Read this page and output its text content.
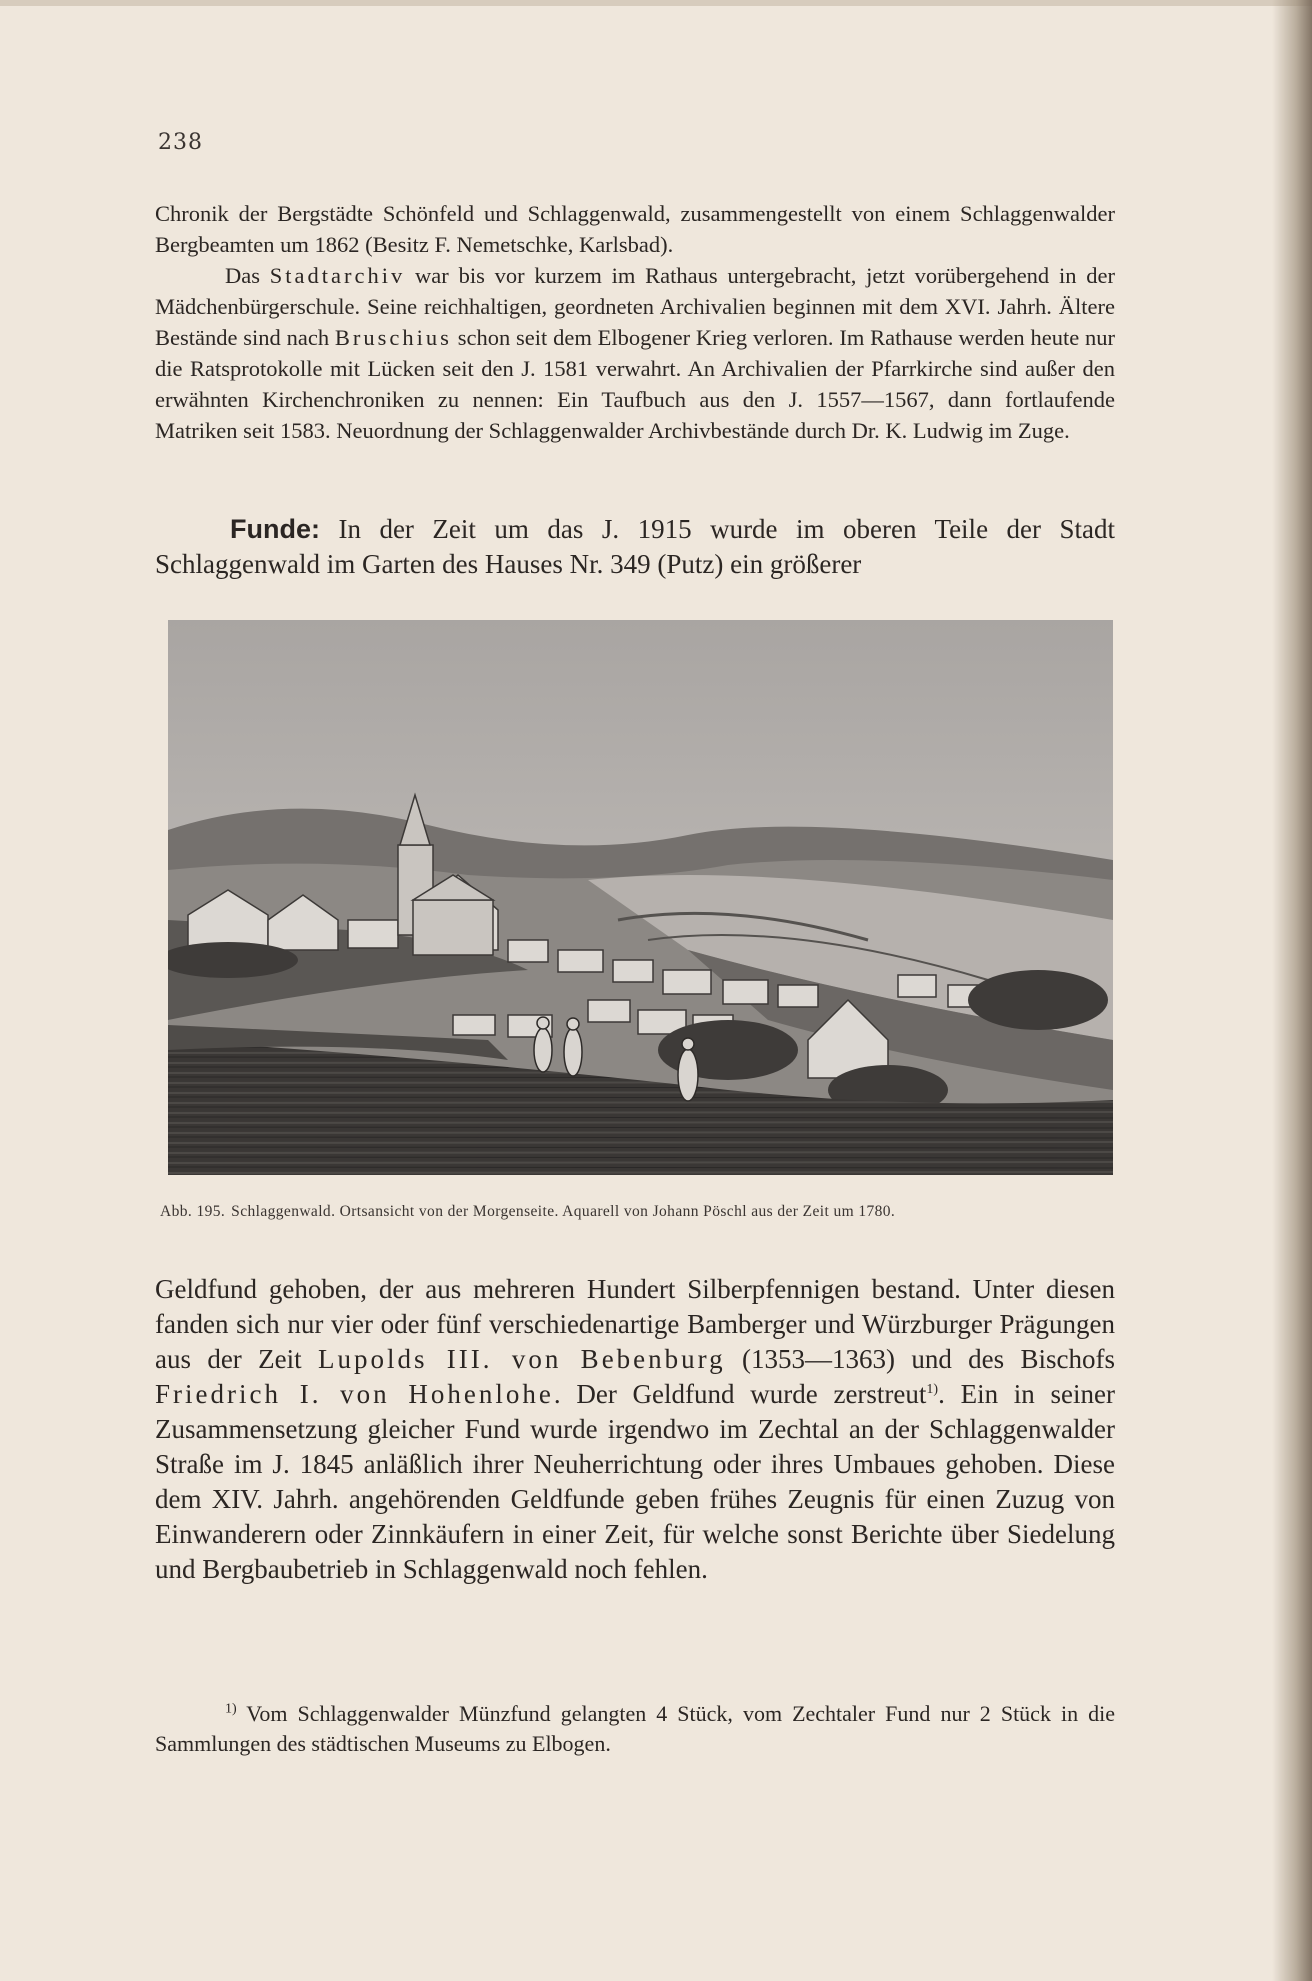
238

Chronik der Bergstädte Schönfeld und Schlaggenwald, zusammengestellt von einem Schlaggenwalder Bergbeamten um 1862 (Besitz F. Nemetschke, Karlsbad).

Das Stadtarchiv war bis vor kurzem im Rathaus untergebracht, jetzt vorübergehend in der Mädchenbürgerschule. Seine reichhaltigen, geordneten Archivalien beginnen mit dem XVI. Jahrh. Ältere Bestände sind nach Bruschius schon seit dem Elbogener Krieg verloren. Im Rathause werden heute nur die Ratsprotokolle mit Lücken seit den J. 1581 verwahrt. An Archivalien der Pfarrkirche sind außer den erwähnten Kirchenchroniken zu nennen: Ein Taufbuch aus den J. 1557—1567, dann fortlaufende Matriken seit 1583. Neuordnung der Schlaggenwalder Archivbestände durch Dr. K. Ludwig im Zuge.

Funde: In der Zeit um das J. 1915 wurde im oberen Teile der Stadt Schlaggenwald im Garten des Hauses Nr. 349 (Putz) ein größerer

Abb. 195. Schlaggenwald. Ortsansicht von der Morgenseite. Aquarell von Johann Pöschl aus der Zeit um 1780.

Geldfund gehoben, der aus mehreren Hundert Silberpfennigen bestand. Unter diesen fanden sich nur vier oder fünf verschiedenartige Bamberger und Würzburger Prägungen aus der Zeit Lupolds III. von Bebenburg (1353—1363) und des Bischofs Friedrich I. von Hohenlohe. Der Geldfund wurde zerstreut$^{1)}$. Ein in seiner Zusammensetzung gleicher Fund wurde irgendwo im Zechtal an der Schlaggenwalder Straße im J. 1845 anläßlich ihrer Neuherrichtung oder ihres Umbaues gehoben. Diese dem XIV. Jahrh. angehörenden Geldfunde geben frühes Zeugnis für einen Zuzug von Einwanderern oder Zinnkäufern in einer Zeit, für welche sonst Berichte über Siedelung und Bergbaubetrieb in Schlaggenwald noch fehlen.

$^{1)}$ Vom Schlaggenwalder Münzfund gelangten 4 Stück, vom Zechtaler Fund nur 2 Stück in die Sammlungen des städtischen Museums zu Elbogen.
